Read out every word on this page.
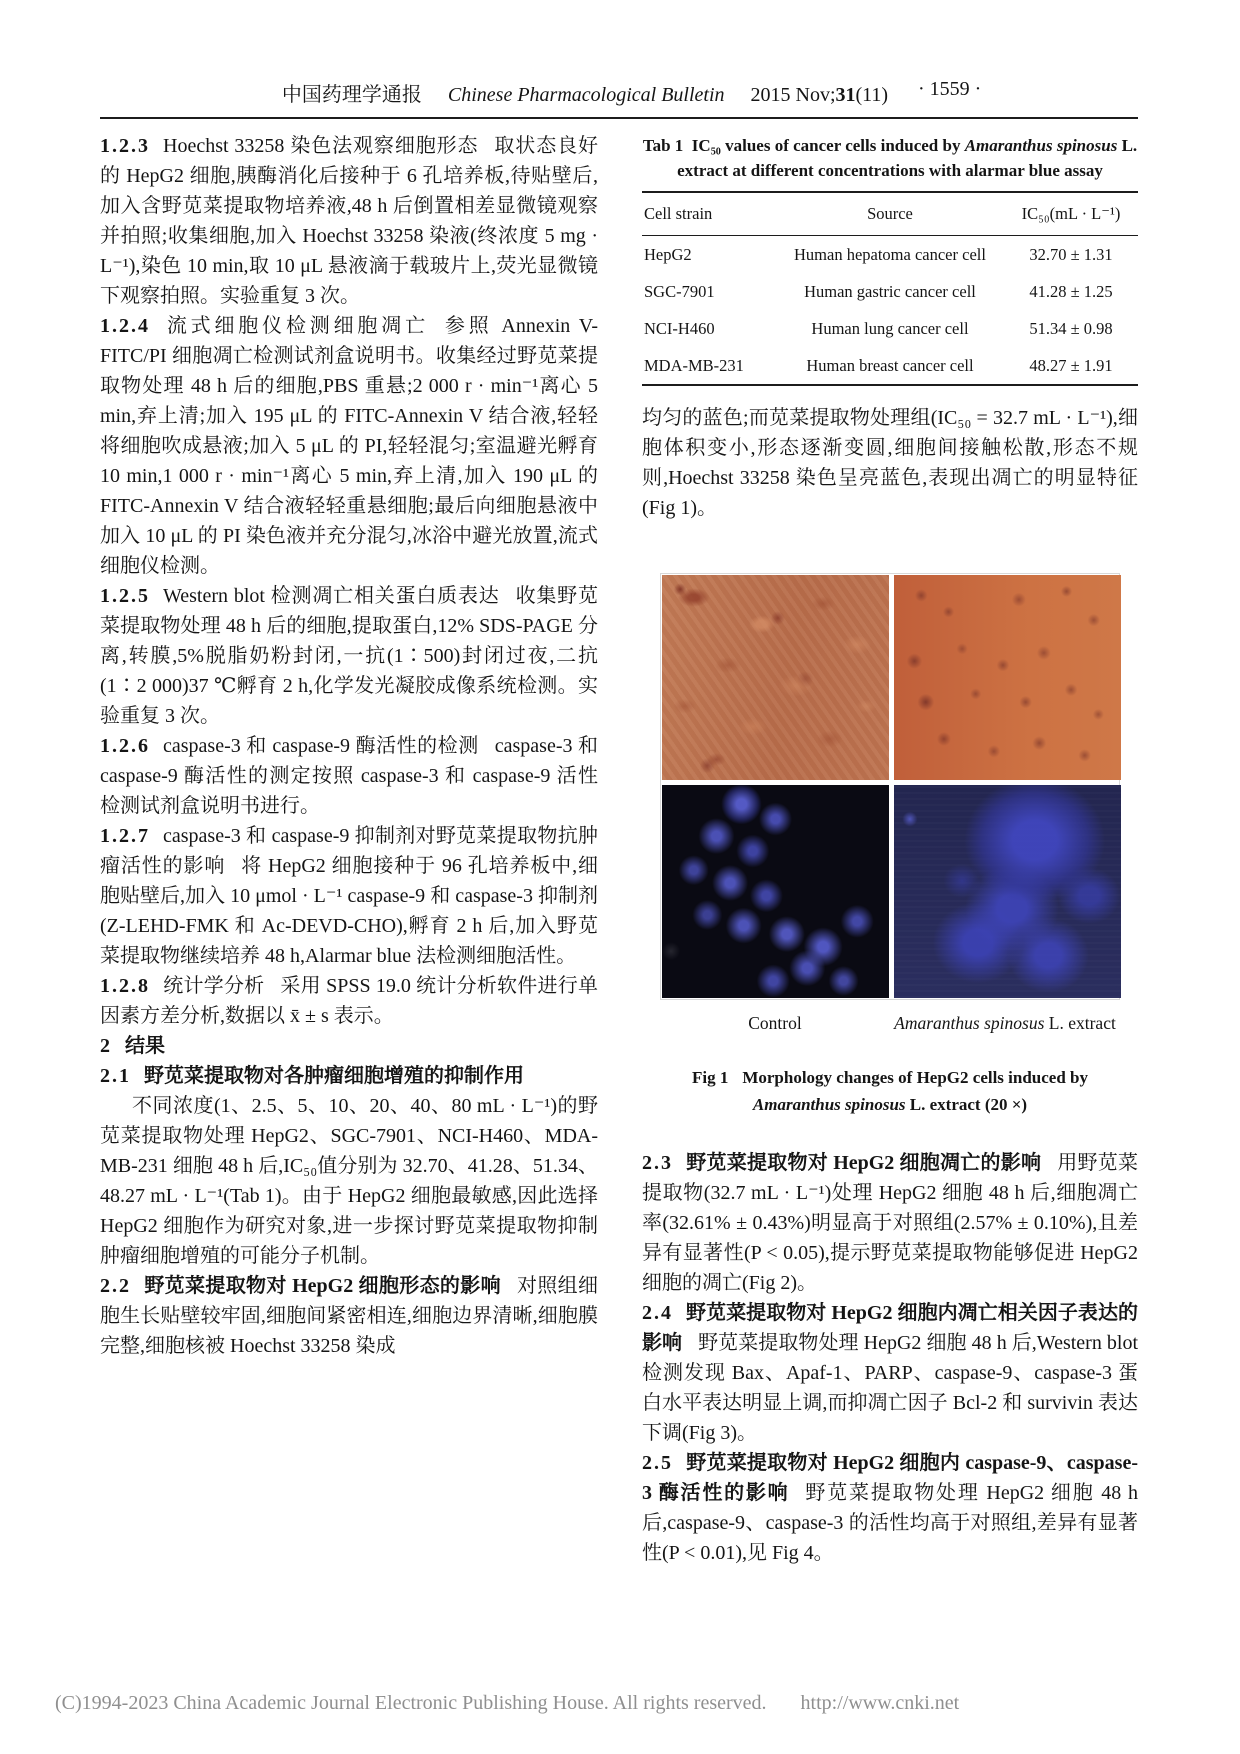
中国药理学通报 Chinese Pharmacological Bulletin 2015 Nov;31(11)	· 1559 ·

1.2.3 Hoechst 33258 染色法观察细胞形态 取状态良好的 HepG2 细胞,胰酶消化后接种于 6 孔培养板,待贴壁后,加入含野苋菜提取物培养液,48 h 后倒置相差显微镜观察并拍照;收集细胞,加入 Hoechst 33258 染液(终浓度 5 mg · L⁻¹),染色 10 min,取 10 μL 悬液滴于载玻片上,荧光显微镜下观察拍照。实验重复 3 次。

1.2.4 流式细胞仪检测细胞凋亡 参照 Annexin V-FITC/PI 细胞凋亡检测试剂盒说明书。收集经过野苋菜提取物处理 48 h 后的细胞,PBS 重悬;2 000 r · min⁻¹离心 5 min,弃上清;加入 195 μL 的 FITC-Annexin V 结合液,轻轻将细胞吹成悬液;加入 5 μL 的 PI,轻轻混匀;室温避光孵育 10 min,1 000 r · min⁻¹离心 5 min,弃上清,加入 190 μL 的 FITC-Annexin V 结合液轻轻重悬细胞;最后向细胞悬液中加入 10 μL 的 PI 染色液并充分混匀,冰浴中避光放置,流式细胞仪检测。

1.2.5 Western blot 检测凋亡相关蛋白质表达 收集野苋菜提取物处理 48 h 后的细胞,提取蛋白,12% SDS-PAGE 分离,转膜,5%脱脂奶粉封闭,一抗(1∶500)封闭过夜,二抗(1∶2 000)37 ℃孵育 2 h,化学发光凝胶成像系统检测。实验重复 3 次。

1.2.6 caspase-3 和 caspase-9 酶活性的检测 caspase-3 和 caspase-9 酶活性的测定按照 caspase-3 和 caspase-9 活性检测试剂盒说明书进行。

1.2.7 caspase-3 和 caspase-9 抑制剂对野苋菜提取物抗肿瘤活性的影响 将 HepG2 细胞接种于 96 孔培养板中,细胞贴壁后,加入 10 μmol · L⁻¹ caspase-9 和 caspase-3 抑制剂(Z-LEHD-FMK 和 Ac-DEVD-CHO),孵育 2 h 后,加入野苋菜提取物继续培养 48 h,Alarmar blue 法检测细胞活性。

1.2.8 统计学分析 采用 SPSS 19.0 统计分析软件进行单因素方差分析,数据以 x̄ ± s 表示。

2 结果

2.1 野苋菜提取物对各肿瘤细胞增殖的抑制作用

不同浓度(1、2.5、5、10、20、40、80 mL · L⁻¹)的野苋菜提取物处理 HepG2、SGC-7901、NCI-H460、MDA-MB-231 细胞 48 h 后,IC₅₀值分别为 32.70、41.28、51.34、48.27 mL · L⁻¹(Tab 1)。由于 HepG2 细胞最敏感,因此选择 HepG2 细胞作为研究对象,进一步探讨野苋菜提取物抑制肿瘤细胞增殖的可能分子机制。

2.2 野苋菜提取物对 HepG2 细胞形态的影响 对照组细胞生长贴壁较牢固,细胞间紧密相连,细胞边界清晰,细胞膜完整,细胞核被 Hoechst 33258 染成

Tab 1 IC₅₀ values of cancer cells induced by Amaranthus spinosus L.
extract at different concentrations with alarmar blue assay
Cell strain	Source	IC₅₀(mL · L⁻¹)
HepG2	Human hepatoma cancer cell	32.70 ± 1.31
SGC-7901	Human gastric cancer cell	41.28 ± 1.25
NCI-H460	Human lung cancer cell	51.34 ± 0.98
MDA-MB-231	Human breast cancer cell	48.27 ± 1.91

均匀的蓝色;而苋菜提取物处理组(IC₅₀ = 32.7 mL · L⁻¹),细胞体积变小,形态逐渐变圆,细胞间接触松散,形态不规则,Hoechst 33258 染色呈亮蓝色,表现出凋亡的明显特征(Fig 1)。

Control	Amaranthus spinosus L. extract
Fig 1 Morphology changes of HepG2 cells induced by
Amaranthus spinosus L. extract (20 ×)

2.3 野苋菜提取物对 HepG2 细胞凋亡的影响 用野苋菜提取物(32.7 mL · L⁻¹)处理 HepG2 细胞 48 h 后,细胞凋亡率(32.61% ± 0.43%)明显高于对照组(2.57% ± 0.10%),且差异有显著性(P < 0.05),提示野苋菜提取物能够促进 HepG2 细胞的凋亡(Fig 2)。

2.4 野苋菜提取物对 HepG2 细胞内凋亡相关因子表达的影响 野苋菜提取物处理 HepG2 细胞 48 h 后,Western blot 检测发现 Bax、Apaf-1、PARP、caspase-9、caspase-3 蛋白水平表达明显上调,而抑凋亡因子 Bcl-2 和 survivin 表达下调(Fig 3)。

2.5 野苋菜提取物对 HepG2 细胞内 caspase-9、caspase-3 酶活性的影响 野苋菜提取物处理 HepG2 细胞 48 h 后,caspase-9、caspase-3 的活性均高于对照组,差异有显著性(P < 0.01),见 Fig 4。

(C)1994-2023 China Academic Journal Electronic Publishing House. All rights reserved. http://www.cnki.net
